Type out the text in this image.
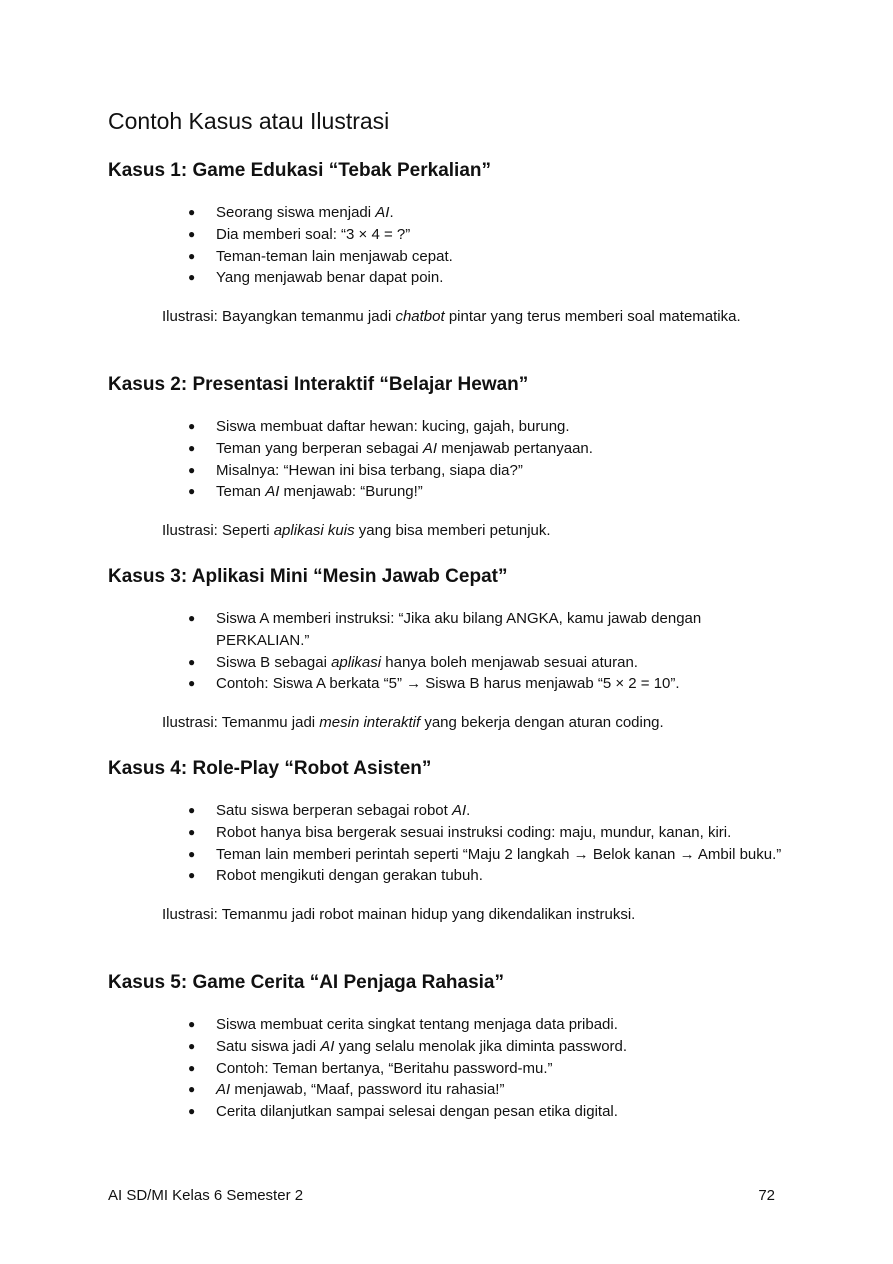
Contoh Kasus atau Ilustrasi
Kasus 1: Game Edukasi “Tebak Perkalian”
● Seorang siswa menjadi AI.
● Dia memberi soal: “3 × 4 = ?”
● Teman-teman lain menjawab cepat.
● Yang menjawab benar dapat poin.

Ilustrasi: Bayangkan temanmu jadi chatbot pintar yang terus memberi soal matematika.

Kasus 2: Presentasi Interaktif “Belajar Hewan”
● Siswa membuat daftar hewan: kucing, gajah, burung.
● Teman yang berperan sebagai AI menjawab pertanyaan.
● Misalnya: “Hewan ini bisa terbang, siapa dia?”
● Teman AI menjawab: “Burung!”

Ilustrasi: Seperti aplikasi kuis yang bisa memberi petunjuk.

Kasus 3: Aplikasi Mini “Mesin Jawab Cepat”
● Siswa A memberi instruksi: “Jika aku bilang ANGKA, kamu jawab dengan PERKALIAN.”
● Siswa B sebagai aplikasi hanya boleh menjawab sesuai aturan.
● Contoh: Siswa A berkata “5” → Siswa B harus menjawab “5 × 2 = 10”.

Ilustrasi: Temanmu jadi mesin interaktif yang bekerja dengan aturan coding.

Kasus 4: Role-Play “Robot Asisten”
● Satu siswa berperan sebagai robot AI.
● Robot hanya bisa bergerak sesuai instruksi coding: maju, mundur, kanan, kiri.
● Teman lain memberi perintah seperti “Maju 2 langkah → Belok kanan → Ambil buku.”
● Robot mengikuti dengan gerakan tubuh.

Ilustrasi: Temanmu jadi robot mainan hidup yang dikendalikan instruksi.

Kasus 5: Game Cerita “AI Penjaga Rahasia”
● Siswa membuat cerita singkat tentang menjaga data pribadi.
● Satu siswa jadi AI yang selalu menolak jika diminta password.
● Contoh: Teman bertanya, “Beritahu password-mu.”
● AI menjawab, “Maaf, password itu rahasia!”
● Cerita dilanjutkan sampai selesai dengan pesan etika digital.
AI SD/MI Kelas 6 Semester 2	72
